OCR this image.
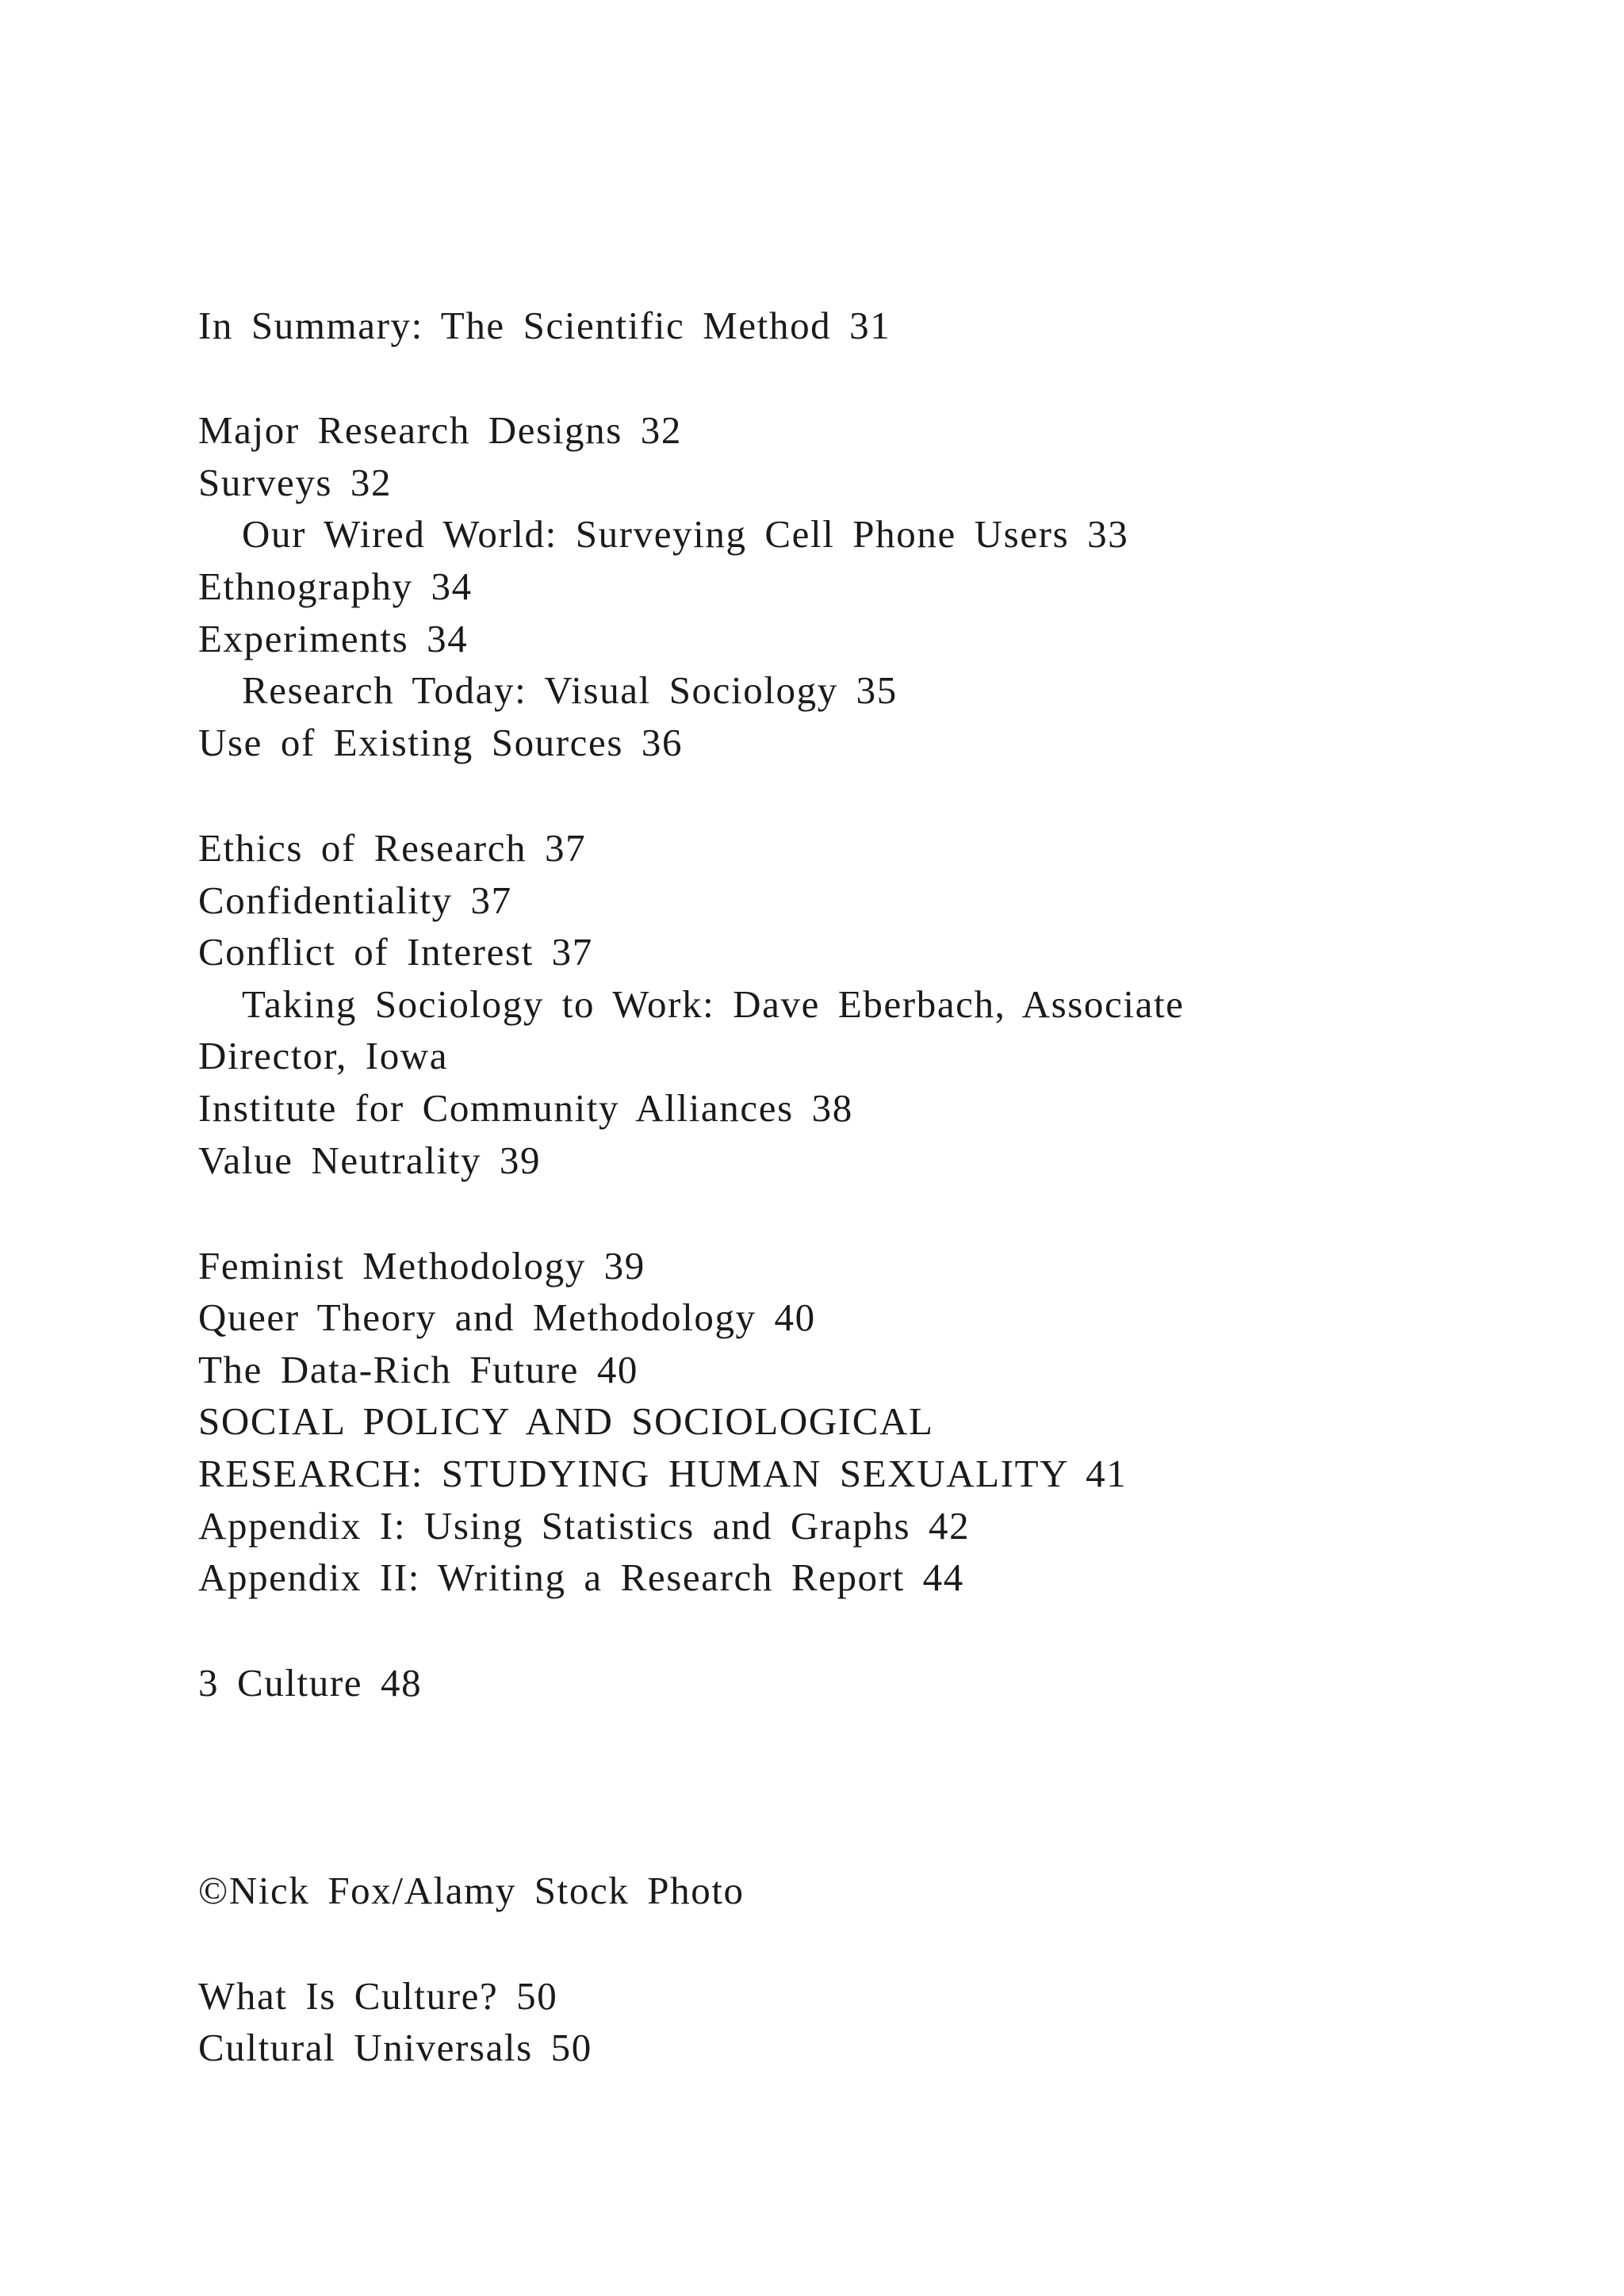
In Summary: The Scientific Method 31
Major Research Designs 32
Surveys 32
Our Wired World: Surveying Cell Phone Users 33
Ethnography 34
Experiments 34
Research Today: Visual Sociology 35
Use of Existing Sources 36
Ethics of Research 37
Confidentiality 37
Conflict of Interest 37
Taking Sociology to Work: Dave Eberbach, Associate
Director, Iowa
Institute for Community Alliances 38
Value Neutrality 39
Feminist Methodology 39
Queer Theory and Methodology 40
The Data-Rich Future 40
SOCIAL POLICY AND SOCIOLOGICAL
RESEARCH: STUDYING HUMAN SEXUALITY 41
Appendix I: Using Statistics and Graphs 42
Appendix II: Writing a Research Report 44
3 Culture 48
©Nick Fox/Alamy Stock Photo
What Is Culture? 50
Cultural Universals 50
